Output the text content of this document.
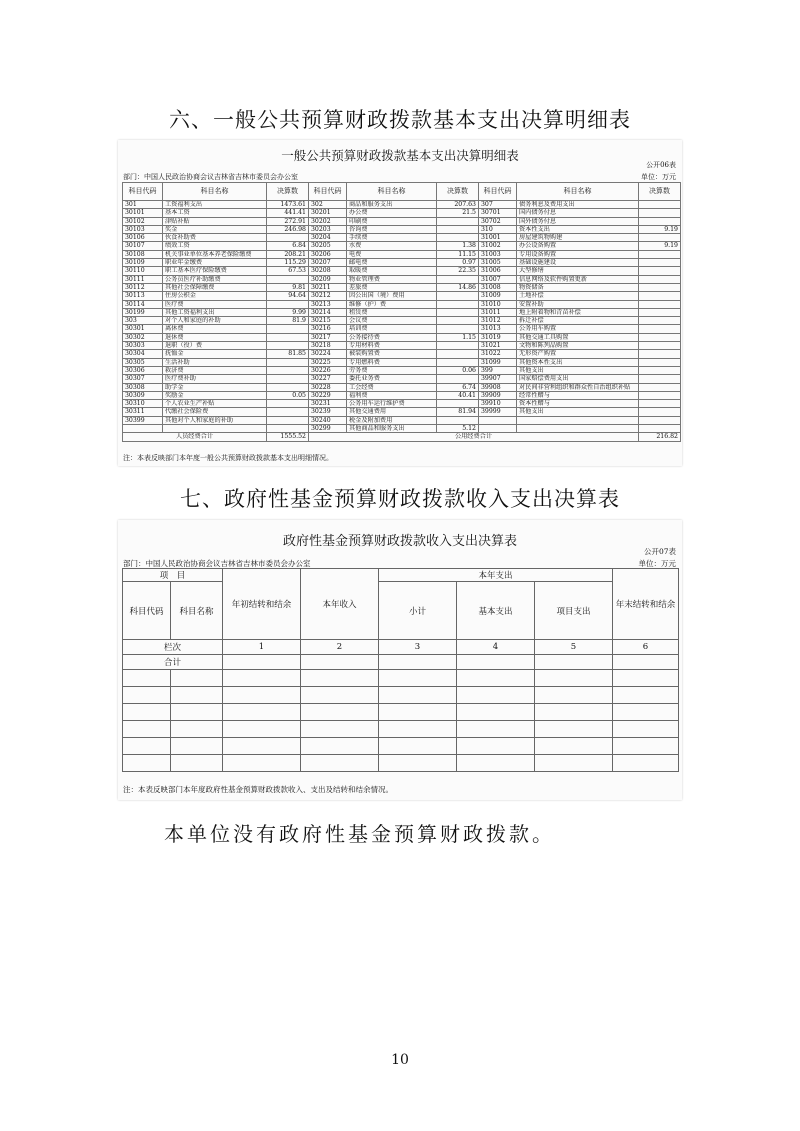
六、一般公共预算财政拨款基本支出决算明细表
一般公共预算财政拨款基本支出决算明细表
公开06表
部门：中国人民政治协商会议吉林省吉林市委员会办公室	单位：万元
科目代码	科目名称	决算数	科目代码	科目名称	决算数	科目代码	科目名称	决算数
301	工资福利支出	1473.61	302	商品和服务支出	207.63	307	债务利息及费用支出	
30101	基本工资	441.41	30201	办公费	21.5	30701	国内债务付息	
30102	津贴补贴	272.91	30202	印刷费		30702	国外债务付息	
30103	奖金	246.98	30203	咨询费		310	资本性支出	9.19
30106	伙食补助费		30204	手续费		31001	房屋建筑物购建	
30107	绩效工资	6.84	30205	水费	1.38	31002	办公设备购置	9.19
30108	机关事业单位基本养老保险缴费	208.21	30206	电费	11.15	31003	专用设备购置	
30109	职业年金缴费	115.29	30207	邮电费	0.97	31005	基础设施建设	
30110	职工基本医疗保险缴费	67.53	30208	取暖费	22.35	31006	大型修缮	
30111	公务员医疗补助缴费		30209	物业管理费		31007	信息网络及软件购置更新	
30112	其他社会保障缴费	9.81	30211	差旅费	14.86	31008	物资储备	
30113	住房公积金	94.64	30212	因公出国（境）费用		31009	土地补偿	
30114	医疗费		30213	维修（护）费		31010	安置补助	
30199	其他工资福利支出	9.99	30214	租赁费		31011	地上附着物和青苗补偿	
303	对个人和家庭的补助	81.9	30215	会议费		31012	拆迁补偿	
30301	离休费		30216	培训费		31013	公务用车购置	
30302	退休费		30217	公务接待费	1.15	31019	其他交通工具购置	
30303	退职（役）费		30218	专用材料费		31021	文物和陈列品购置	
30304	抚恤金	81.85	30224	被装购置费		31022	无形资产购置	
30305	生活补助		30225	专用燃料费		31099	其他资本性支出	
30306	救济费		30226	劳务费	0.06	399	其他支出	
30307	医疗费补助		30227	委托业务费		39907	国家赔偿费用支出	
30308	助学金		30228	工会经费	6.74	39908	对民间非营利组织和群众性自治组织补贴	
30309	奖励金	0.05	30229	福利费	40.41	39909	经常性赠与	
30310	个人农业生产补贴		30231	公务用车运行维护费		39910	资本性赠与	
30311	代缴社会保险费		30239	其他交通费用	81.94	39999	其他支出	
30399	其他对个人和家庭的补助		30240	税金及附加费用				
			30299	其他商品和服务支出	5.12			
人员经费合计		1555.52	公用经费合计					216.82
注：本表反映部门本年度一般公共预算财政拨款基本支出明细情况。
七、政府性基金预算财政拨款收入支出决算表
政府性基金预算财政拨款收入支出决算表
公开07表
部门：中国人民政治协商会议吉林省吉林市委员会办公室	单位：万元
项　目		年初结转和结余	本年收入	本年支出			年末结转和结余
科目代码	科目名称			小计	基本支出	项目支出	
栏次		1	2	3	4	5	6
合计							

注：本表反映部门本年度政府性基金预算财政拨款收入、支出及结转和结余情况。
本单位没有政府性基金预算财政拨款。
10
